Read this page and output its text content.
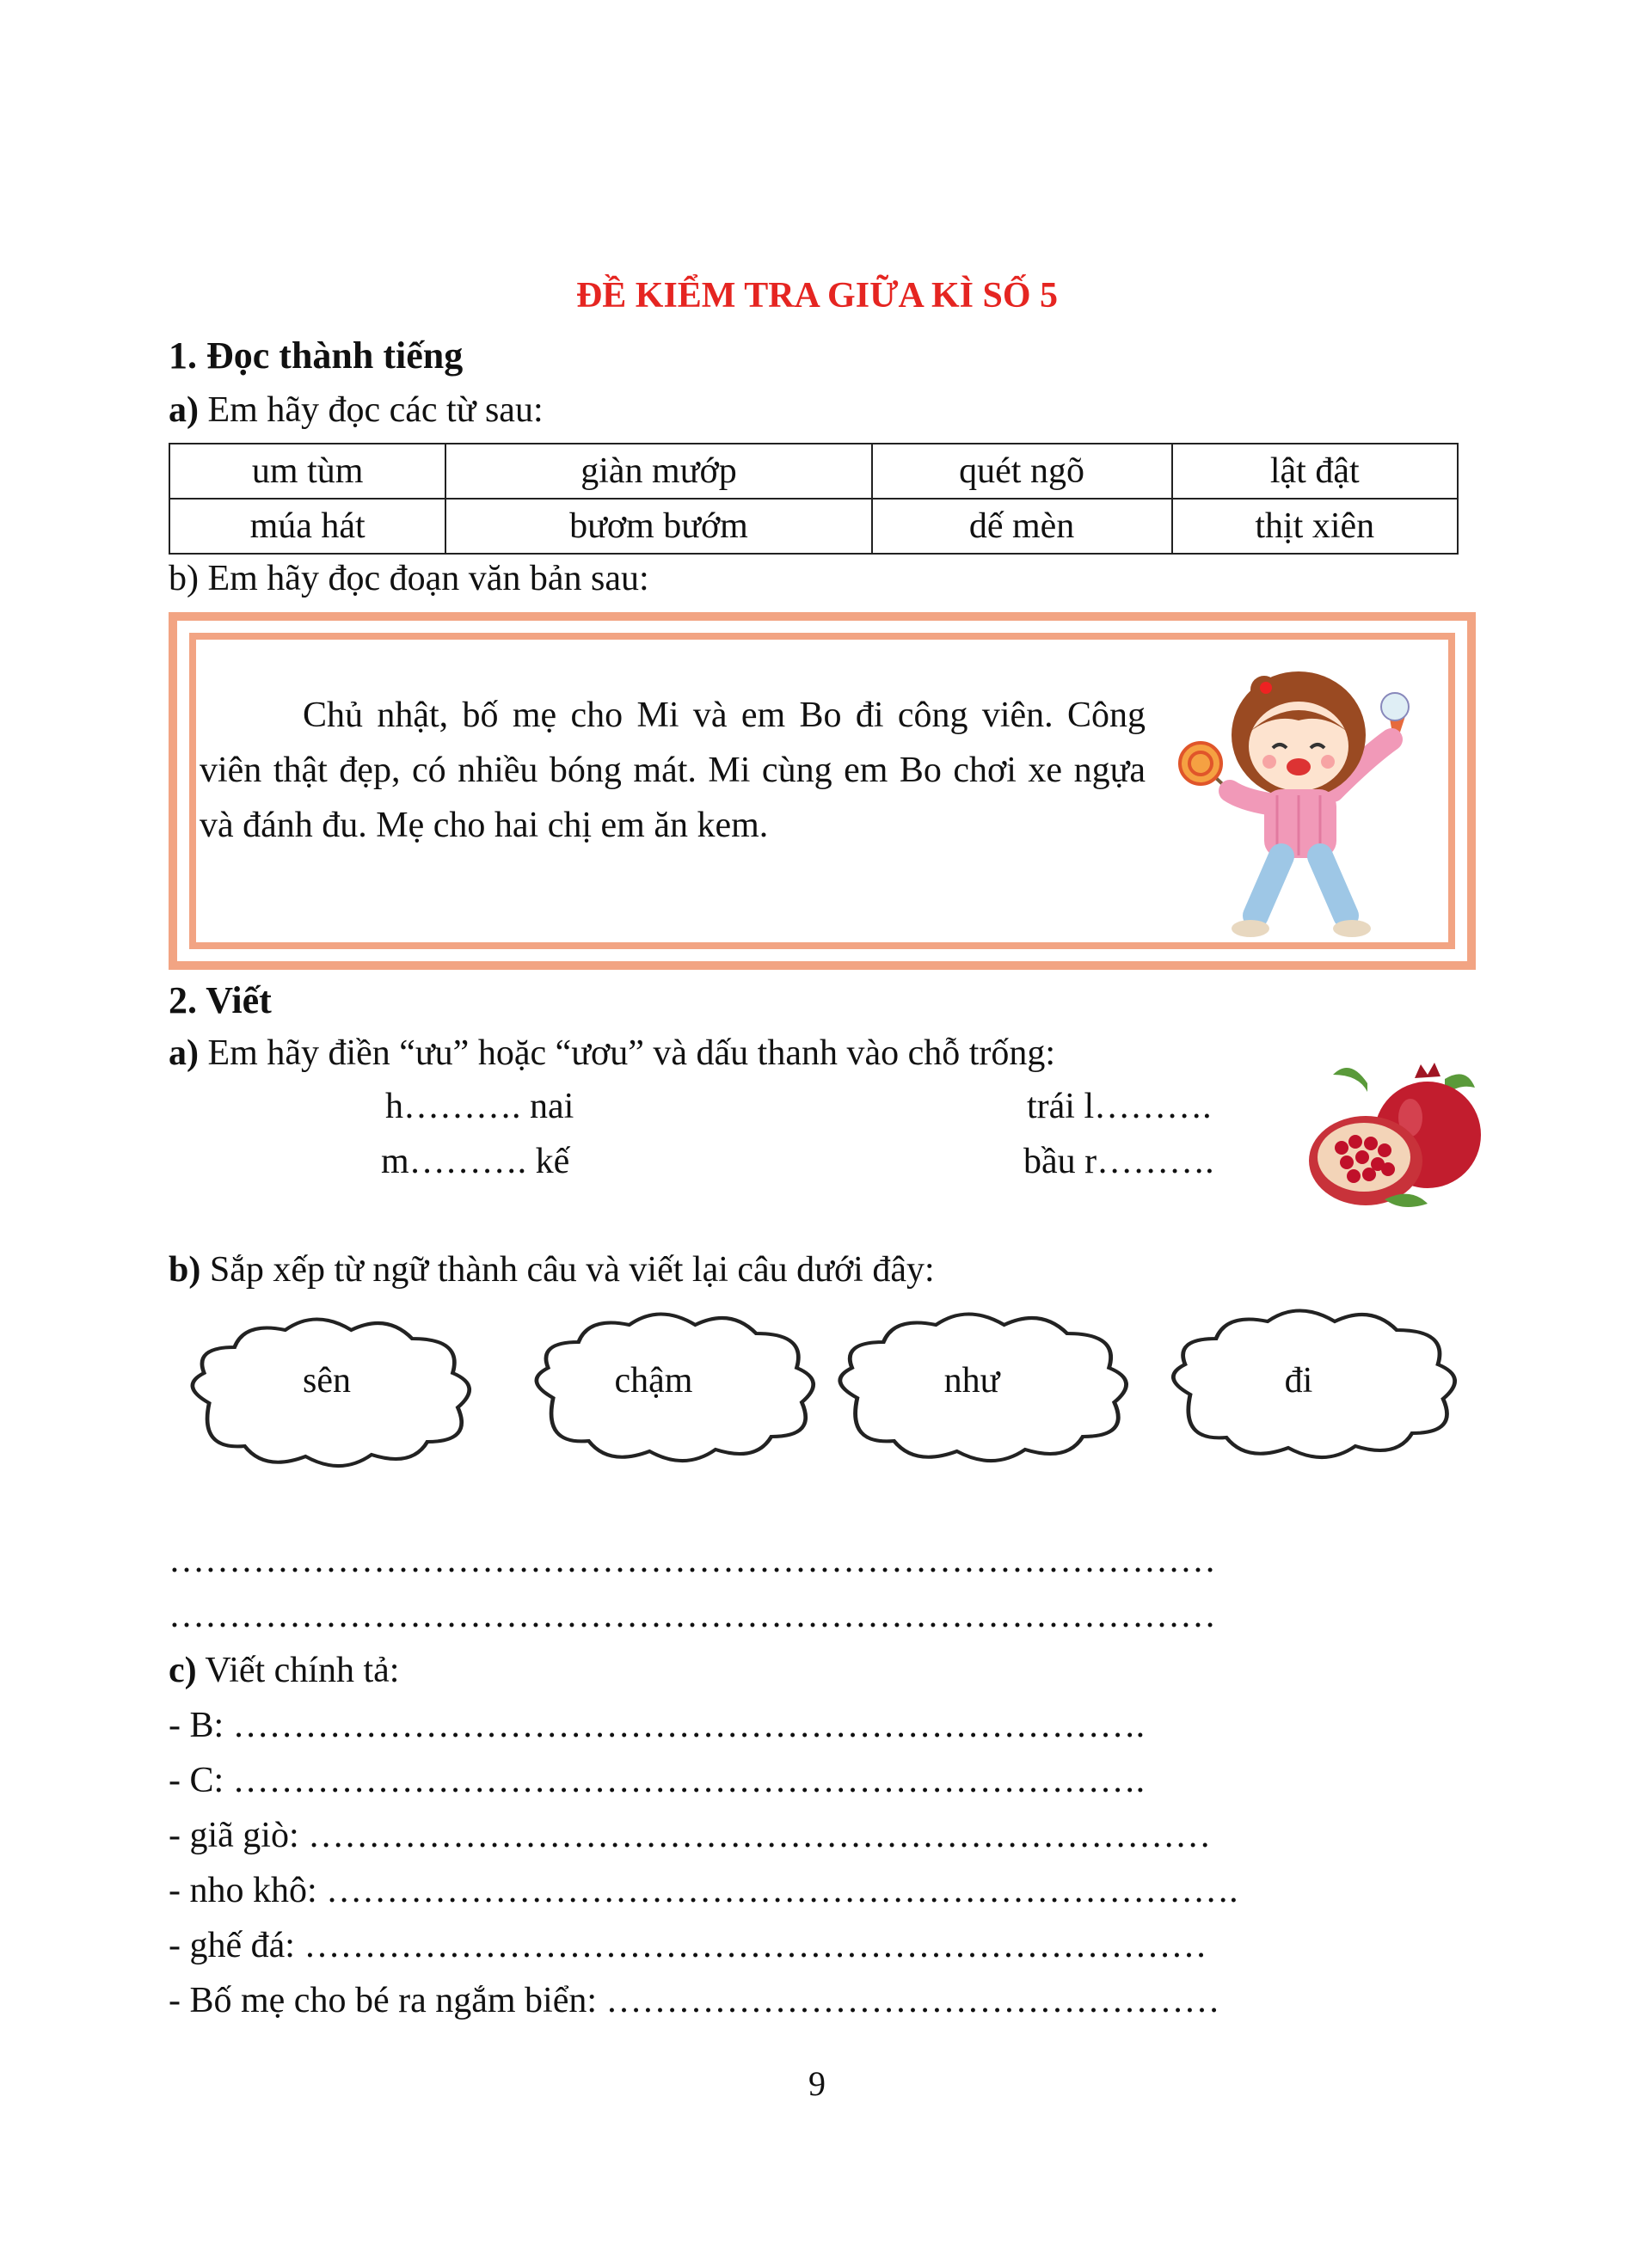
ĐỀ KIỂM TRA GIỮA KÌ SỐ 5
1. Đọc thành tiếng
a) Em hãy đọc các từ sau:
um tùm	giàn mướp	quét ngõ	lật đật
múa hát	bươm bướm	dế mèn	thịt xiên
b) Em hãy đọc đoạn văn bản sau:
Chủ nhật, bố mẹ cho Mi và em Bo đi công viên. Công viên thật đẹp, có nhiều bóng mát. Mi cùng em Bo chơi xe ngựa và đánh đu. Mẹ cho hai chị em ăn kem.
2. Viết
a) Em hãy điền “ưu” hoặc “ươu” và dấu thanh vào chỗ trống:
h………. nai	trái l……….
m………. kế	bầu r……….
b) Sắp xếp từ ngữ thành câu và viết lại câu dưới đây:
sên	chậm	như	đi
……………………………………………………………………………
……………………………………………………………………………
c) Viết chính tả:
- B: ………………………………………………………………….
- C: ………………………………………………………………….
- giã giò: …………………………………………………………………
- nho khô: ………………………………………………………………….
- ghế đá: …………………………………………………………………
- Bố mẹ cho bé ra ngắm biển: ……………………………………………
9
